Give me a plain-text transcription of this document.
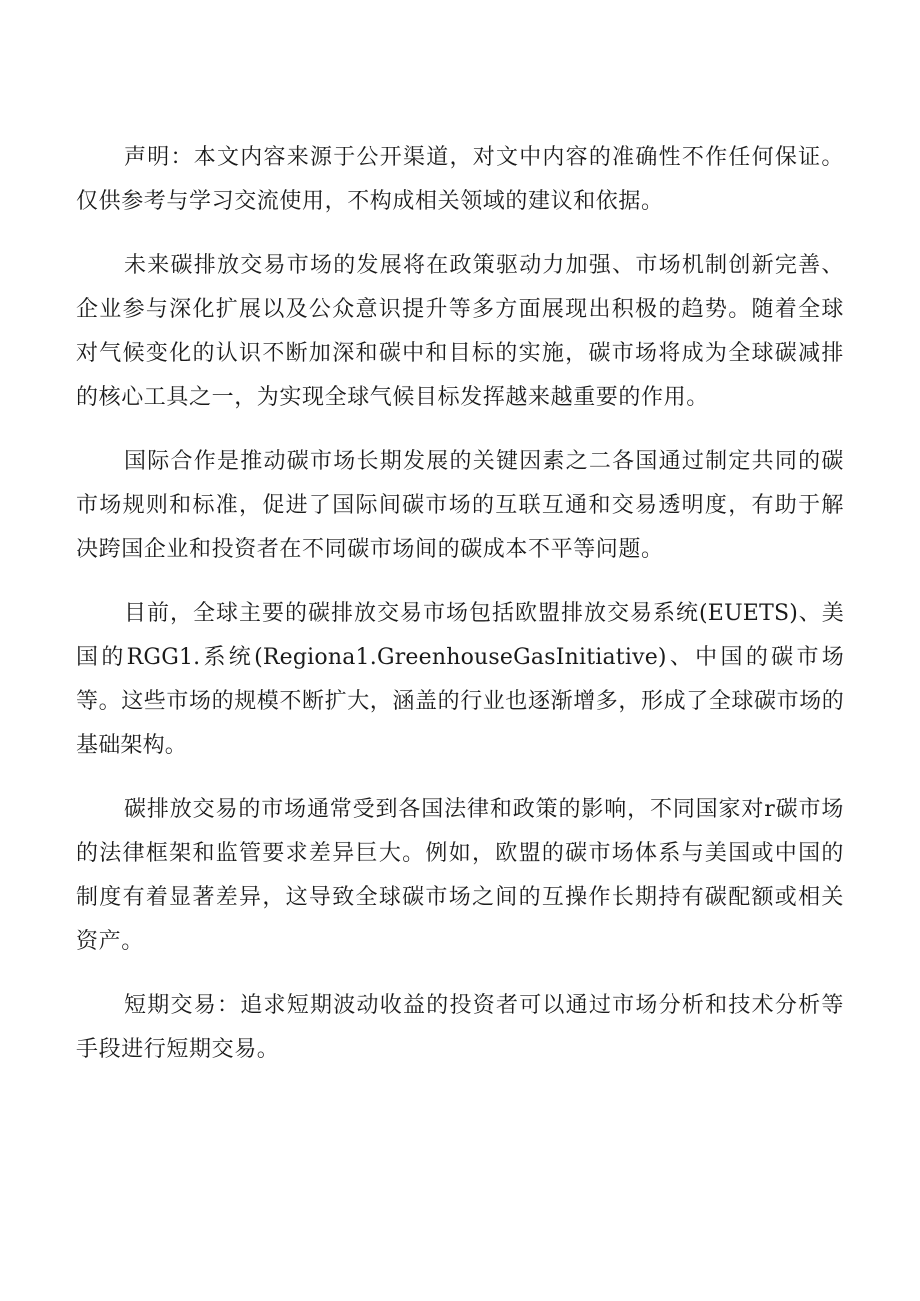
声明：本文内容来源于公开渠道，对文中内容的准确性不作任何保证。仅供参考与学习交流使用，不构成相关领域的建议和依据。

未来碳排放交易市场的发展将在政策驱动力加强、市场机制创新完善、企业参与深化扩展以及公众意识提升等多方面展现出积极的趋势。随着全球对气候变化的认识不断加深和碳中和目标的实施，碳市场将成为全球碳减排的核心工具之一，为实现全球气候目标发挥越来越重要的作用。

国际合作是推动碳市场长期发展的关键因素之二各国通过制定共同的碳市场规则和标准，促进了国际间碳市场的互联互通和交易透明度，有助于解决跨国企业和投资者在不同碳市场间的碳成本不平等问题。

目前，全球主要的碳排放交易市场包括欧盟排放交易系统(EUETS)、美国的RGG1.系统(Regiona1.GreenhouseGasInitiative)、中国的碳市场等。这些市场的规模不断扩大，涵盖的行业也逐渐增多，形成了全球碳市场的基础架构。

碳排放交易的市场通常受到各国法律和政策的影响，不同国家对r碳市场的法律框架和监管要求差异巨大。例如，欧盟的碳市场体系与美国或中国的制度有着显著差异，这导致全球碳市场之间的互操作长期持有碳配额或相关资产。

短期交易：追求短期波动收益的投资者可以通过市场分析和技术分析等手段进行短期交易。
